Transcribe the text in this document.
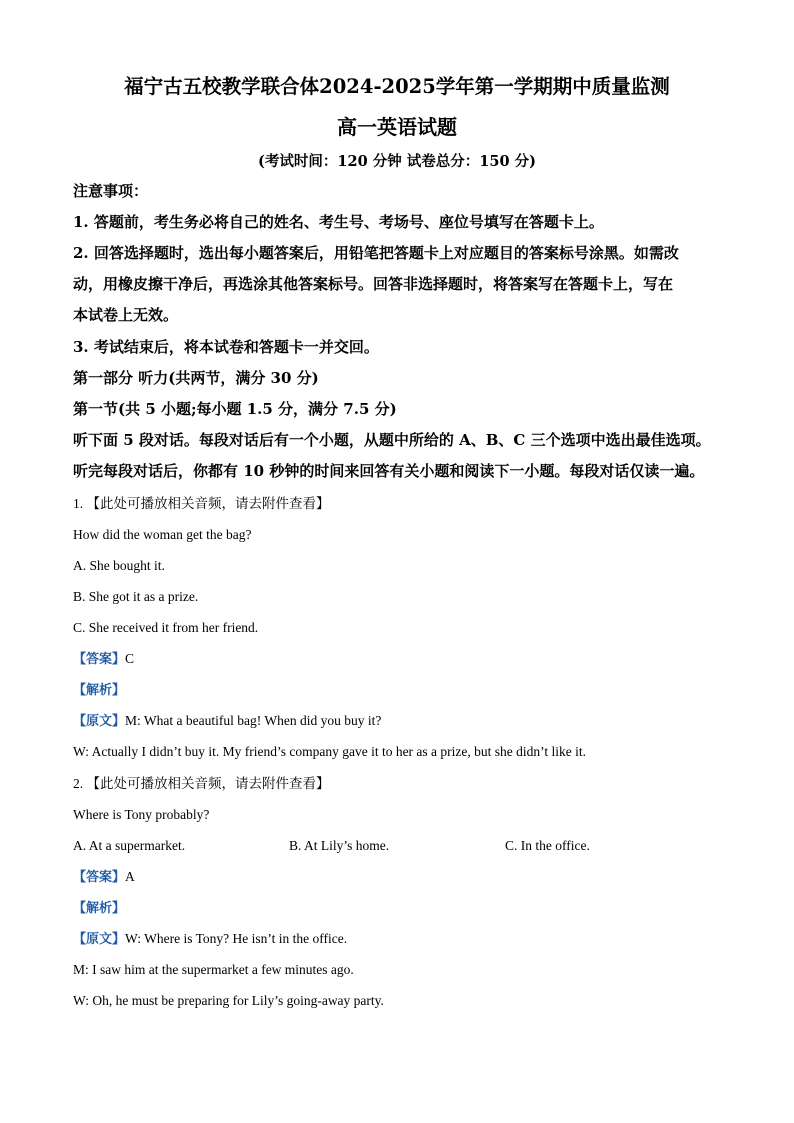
福宁古五校教学联合体2024-2025学年第一学期期中质量监测
高一英语试题
(考试时间：120 分钟 试卷总分：150 分)
注意事项：
1. 答题前，考生务必将自己的姓名、考生号、考场号、座位号填写在答题卡上。
2. 回答选择题时，选出每小题答案后，用铅笔把答题卡上对应题目的答案标号涂黑。如需改
动，用橡皮擦干净后，再选涂其他答案标号。回答非选择题时，将答案写在答题卡上，写在
本试卷上无效。
3. 考试结束后，将本试卷和答题卡一并交回。
第一部分 听力(共两节，满分 30 分)
第一节(共 5 小题;每小题 1.5 分，满分 7.5 分)
听下面 5 段对话。每段对话后有一个小题，从题中所给的 A、B、C 三个选项中选出最佳选项。
听完每段对话后，你都有 10 秒钟的时间来回答有关小题和阅读下一小题。每段对话仅读一遍。
1. 【此处可播放相关音频，请去附件查看】
How did the woman get the bag?
A. She bought it.
B. She got it as a prize.
C. She received it from her friend.
【答案】C
【解析】
【原文】M: What a beautiful bag! When did you buy it?
W: Actually I didn’t buy it. My friend’s company gave it to her as a prize, but she didn’t like it.
2. 【此处可播放相关音频，请去附件查看】
Where is Tony probably?
A. At a supermarket.	B. At Lily’s home.	C. In the office.
【答案】A
【解析】
【原文】W: Where is Tony? He isn’t in the office.
M: I saw him at the supermarket a few minutes ago.
W: Oh, he must be preparing for Lily’s going-away party.
